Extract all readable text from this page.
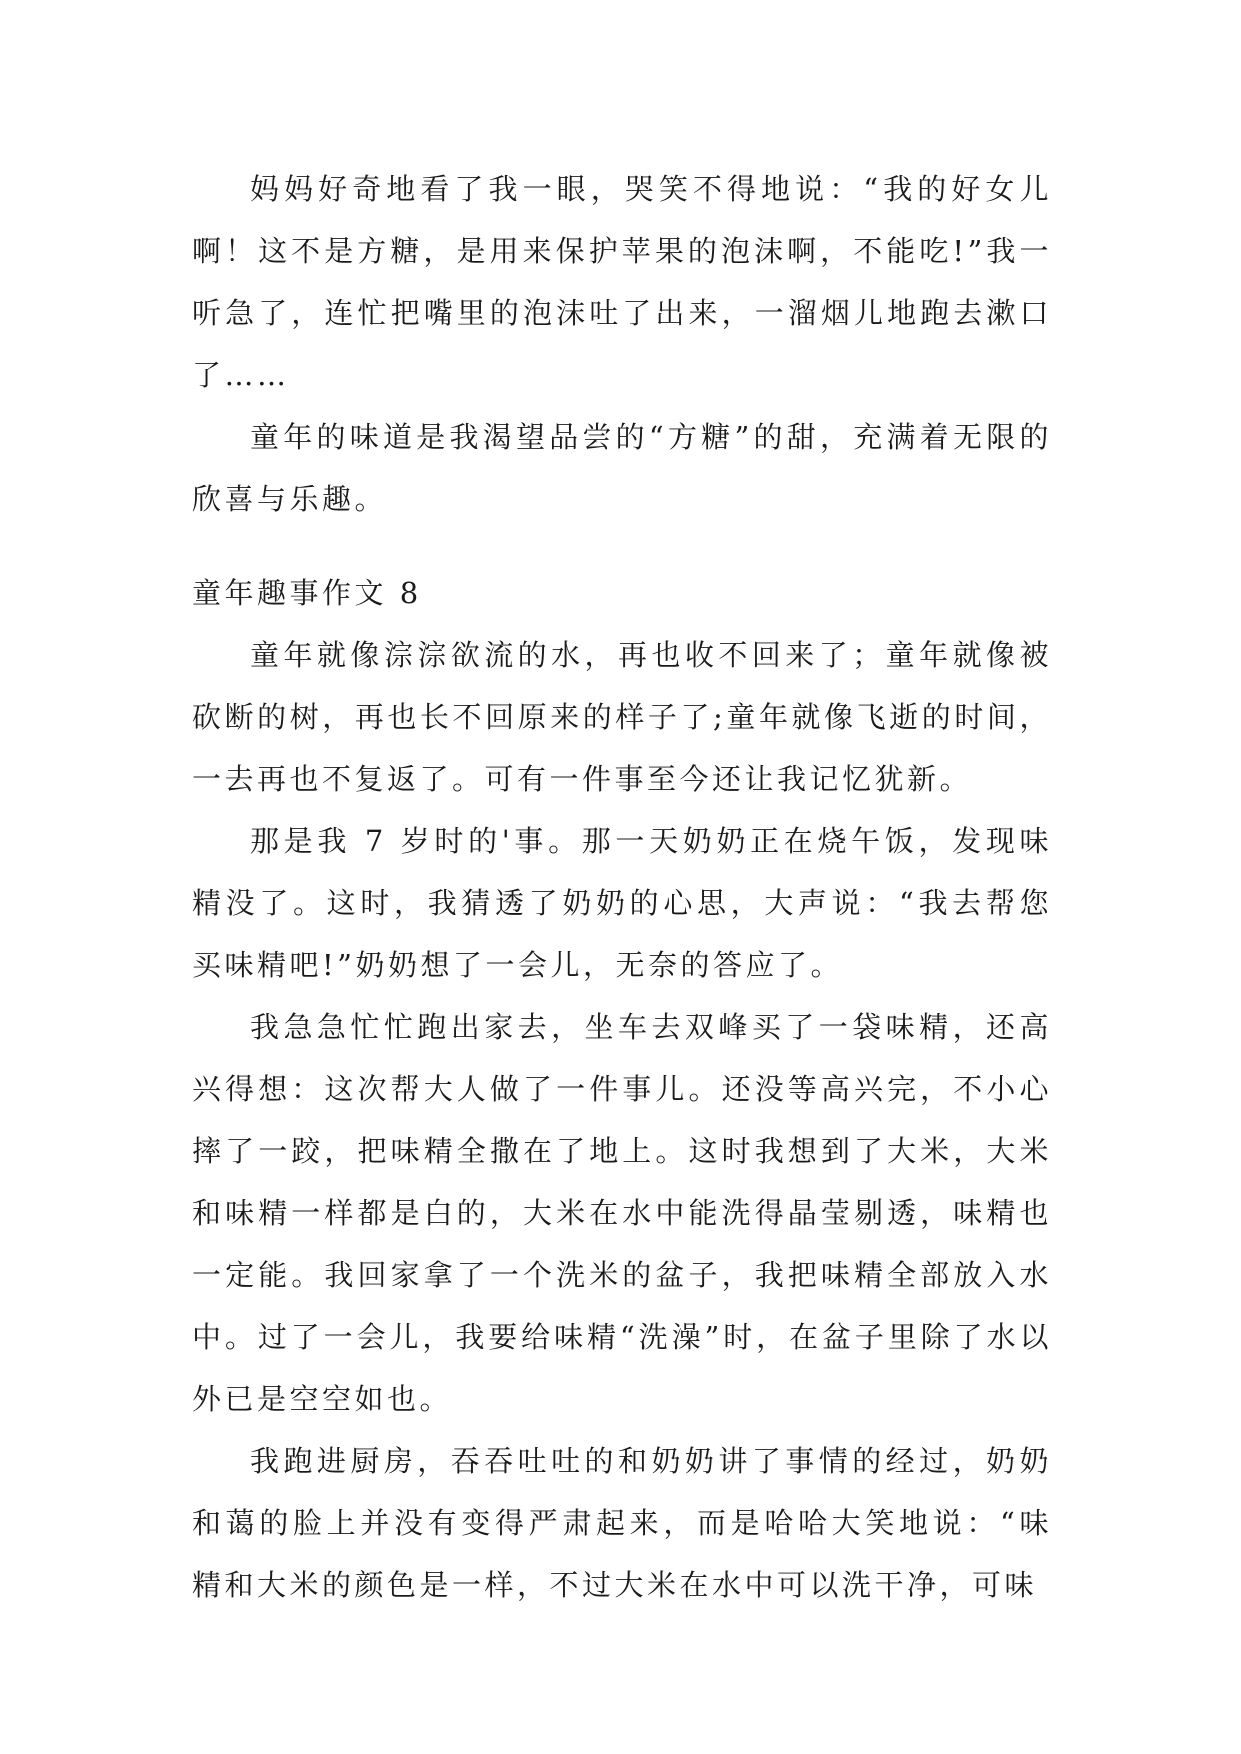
妈妈好奇地看了我一眼，哭笑不得地说：“我的好女儿啊！这不是方糖，是用来保护苹果的泡沫啊，不能吃!”我一听急了，连忙把嘴里的泡沫吐了出来，一溜烟儿地跑去漱口了……

童年的味道是我渴望品尝的“方糖”的甜，充满着无限的欣喜与乐趣。

童年趣事作文 8

童年就像淙淙欲流的水，再也收不回来了；童年就像被砍断的树，再也长不回原来的样子了;童年就像飞逝的时间，一去再也不复返了。可有一件事至今还让我记忆犹新。

那是我 7 岁时的'事。那一天奶奶正在烧午饭，发现味精没了。这时，我猜透了奶奶的心思，大声说：“我去帮您买味精吧!”奶奶想了一会儿，无奈的答应了。

我急急忙忙跑出家去，坐车去双峰买了一袋味精，还高兴得想：这次帮大人做了一件事儿。还没等高兴完，不小心摔了一跤，把味精全撒在了地上。这时我想到了大米，大米和味精一样都是白的，大米在水中能洗得晶莹剔透，味精也一定能。我回家拿了一个洗米的盆子，我把味精全部放入水中。过了一会儿，我要给味精“洗澡”时，在盆子里除了水以外已是空空如也。

我跑进厨房，吞吞吐吐的和奶奶讲了事情的经过，奶奶和蔼的脸上并没有变得严肃起来，而是哈哈大笑地说：“味精和大米的颜色是一样，不过大米在水中可以洗干净，可味
